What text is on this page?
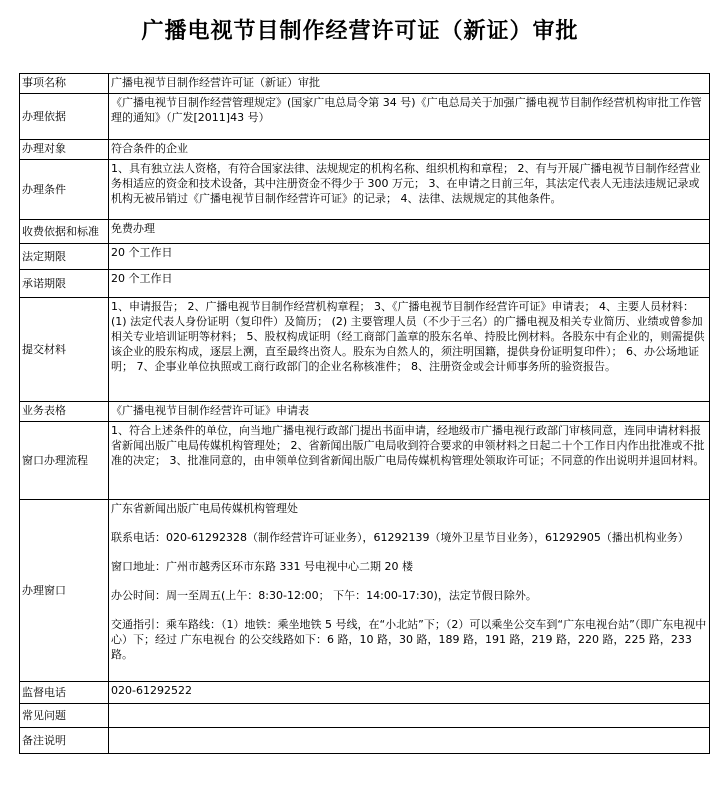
广播电视节目制作经营许可证（新证）审批
事项名称	广播电视节目制作经营许可证（新证）审批
办理依据	《广播电视节目制作经营管理规定》(国家广电总局令第 34 号)《广电总局关于加强广播电视节目制作经营机构审批工作管理的通知》（广发[2011]43 号）
办理对象	符合条件的企业
办理条件	1、具有独立法人资格，有符合国家法律、法规规定的机构名称、组织机构和章程； 2、有与开展广播电视节目制作经营业务相适应的资金和技术设备，其中注册资金不得少于 300 万元； 3、在申请之日前三年，其法定代表人无违法违规记录或机构无被吊销过《广播电视节目制作经营许可证》的记录； 4、法律、法规规定的其他条件。
收费依据和标准	免费办理
法定期限	20 个工作日
承诺期限	20 个工作日
提交材料	1、申请报告； 2、广播电视节目制作经营机构章程； 3、《广播电视节目制作经营许可证》申请表； 4、主要人员材料： (1) 法定代表人身份证明（复印件）及简历； (2) 主要管理人员（不少于三名）的广播电视及相关专业简历、业绩或曾参加相关专业培训证明等材料； 5、股权构成证明（经工商部门盖章的股东名单、持股比例材料。各股东中有企业的，则需提供该企业的股东构成，逐层上溯，直至最终出资人。股东为自然人的，须注明国籍，提供身份证明复印件）； 6、办公场地证明； 7、企事业单位执照或工商行政部门的企业名称核准件； 8、注册资金或会计师事务所的验资报告。
业务表格	《广播电视节目制作经营许可证》申请表
窗口办理流程	1、符合上述条件的单位，向当地广播电视行政部门提出书面申请，经地级市广播电视行政部门审核同意，连同申请材料报省新闻出版广电局传媒机构管理处； 2、省新闻出版广电局收到符合要求的申领材料之日起二十个工作日内作出批准或不批准的决定； 3、批准同意的，由申领单位到省新闻出版广电局传媒机构管理处领取许可证；不同意的作出说明并退回材料。
办理窗口	广东省新闻出版广电局传媒机构管理处

联系电话：020-61292328（制作经营许可证业务），61292139（境外卫星节目业务），61292905（播出机构业务）

窗口地址：广州市越秀区环市东路 331 号电视中心二期 20 楼

办公时间：周一至周五(上午：8:30-12:00； 下午：14:00-17:30)，法定节假日除外。

交通指引：乘车路线：（1）地铁：乘坐地铁 5 号线，在“小北站”下；（2）可以乘坐公交车到“广东电视台站”（即广东电视中心）下；经过 广东电视台 的公交线路如下：6 路，10 路，30 路，189 路，191 路，219 路，220 路，225 路，233 路。

监督电话	020-61292522
常见问题	
备注说明	
